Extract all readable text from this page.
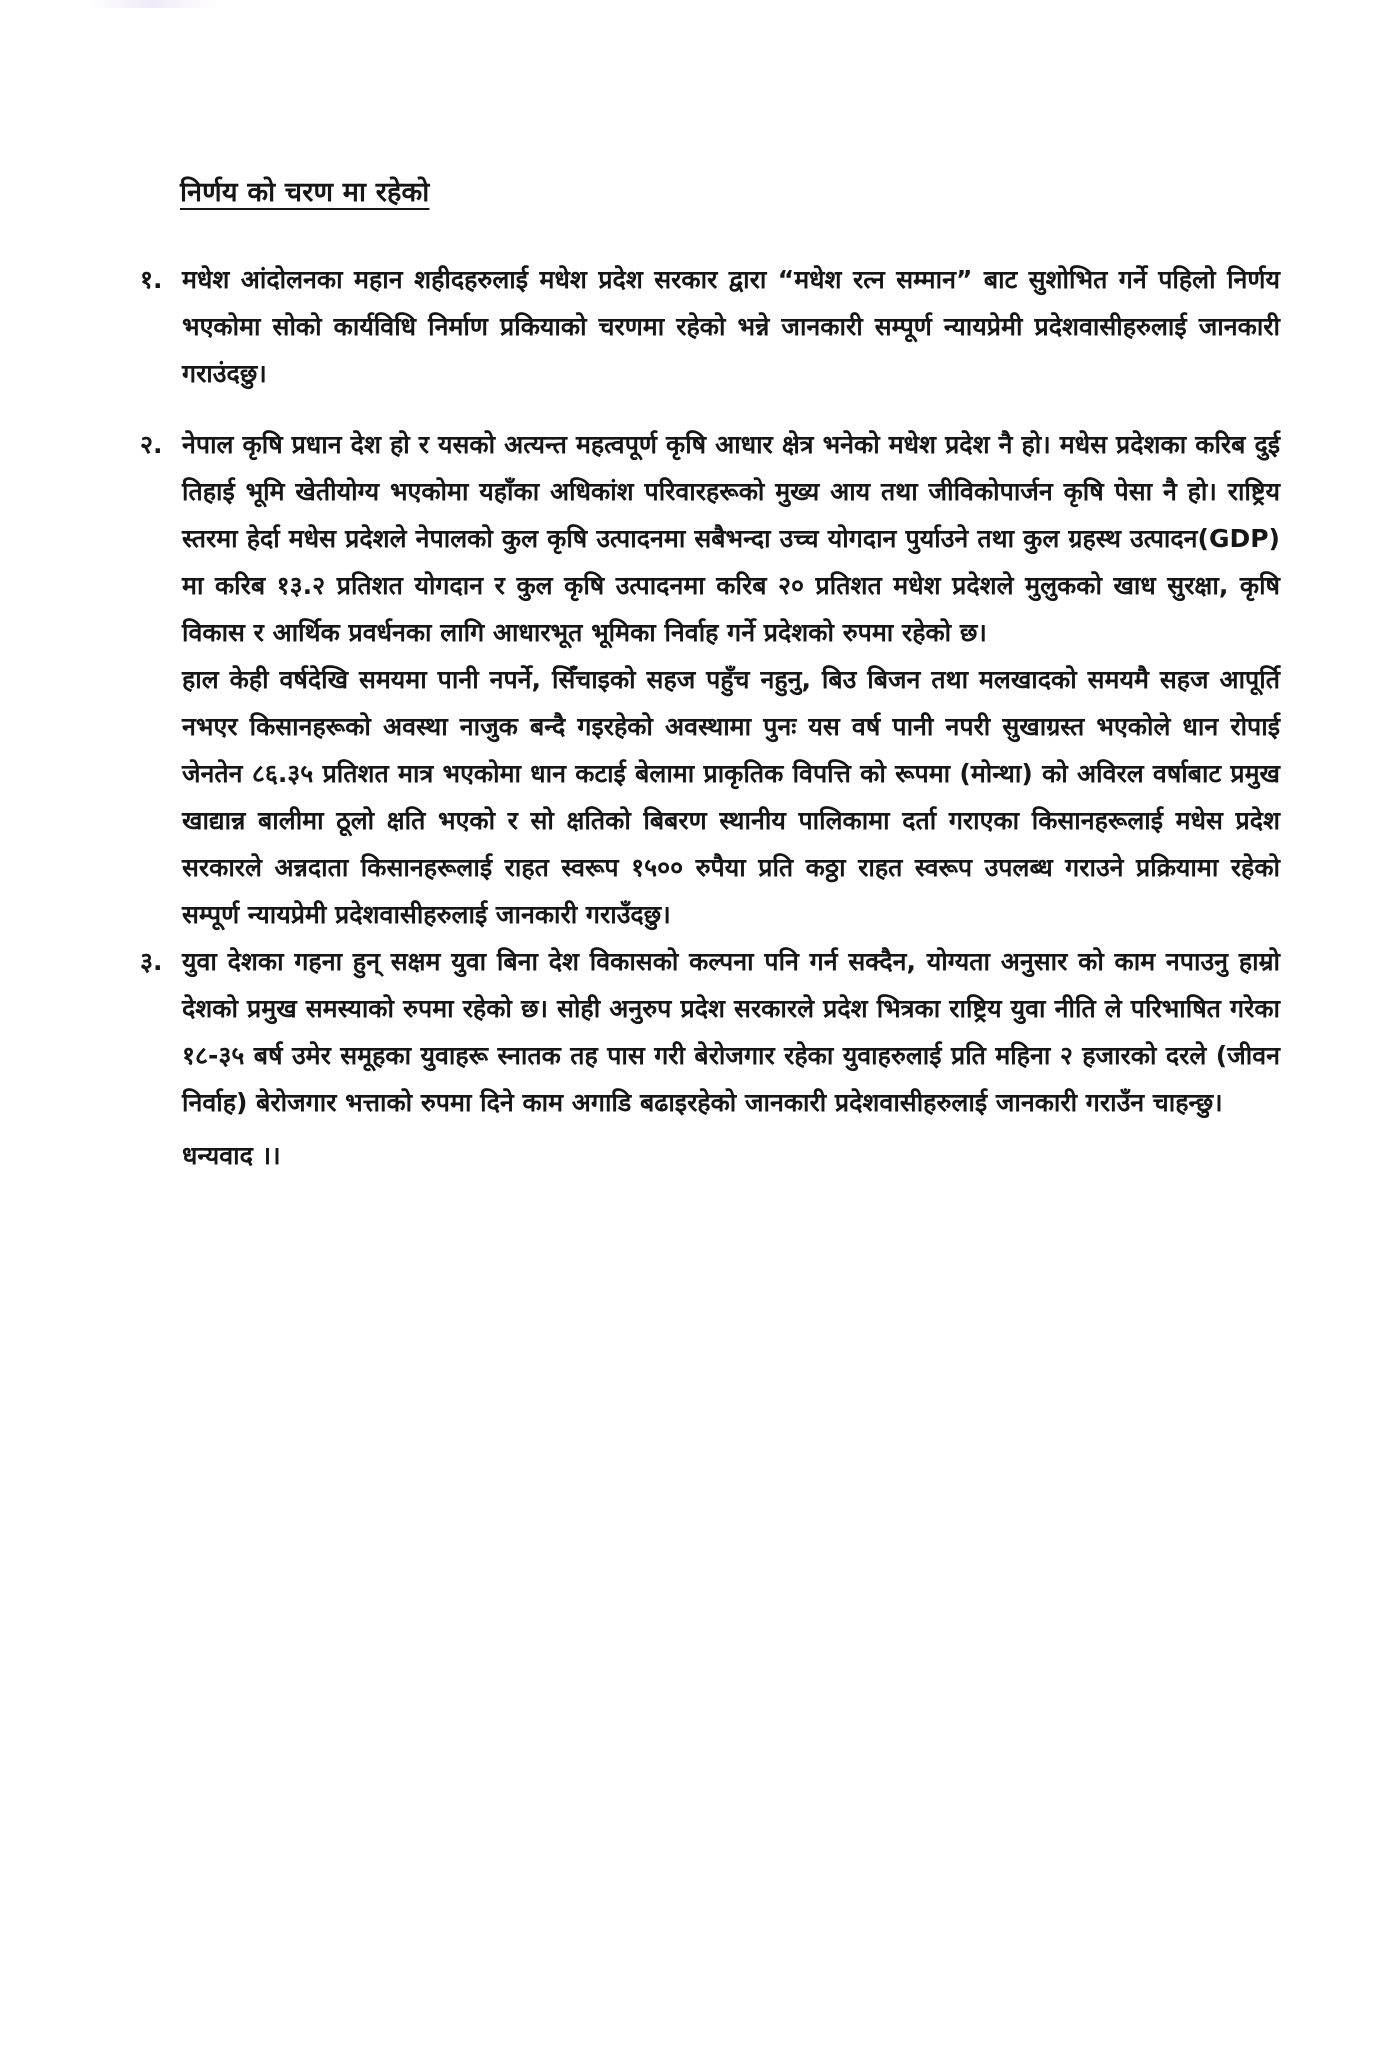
निर्णय को चरण मा रहेको
१. मधेश आंदोलनका महान शहीदहरुलाई मधेश प्रदेश सरकार द्वारा “मधेश रत्न सम्मान” बाट सुशोभित गर्ने पहिलो निर्णय भएकोमा सोको कार्यविधि निर्माण प्रकियाको चरणमा रहेको भन्ने जानकारी सम्पूर्ण न्यायप्रेमी प्रदेशवासीहरुलाई जानकारी गराउंदछु।

२. नेपाल कृषि प्रधान देश हो र यसको अत्यन्त महत्वपूर्ण कृषि आधार क्षेत्र भनेको मधेश प्रदेश नै हो। मधेस प्रदेशका करिब दुई तिहाई भूमि खेतीयोग्य भएकोमा यहाँका अधिकांश परिवारहरूको मुख्य आय तथा जीविकोपार्जन कृषि पेसा नै हो। राष्ट्रिय स्तरमा हेर्दा मधेस प्रदेशले नेपालको कुल कृषि उत्पादनमा सबैभन्दा उच्च योगदान पुर्याउने तथा कुल ग्रहस्थ उत्पादन(GDP) मा करिब १३.२ प्रतिशत योगदान र कुल कृषि उत्पादनमा करिब २० प्रतिशत मधेश प्रदेशले मुलुकको खाध सुरक्षा, कृषि विकास र आर्थिक प्रवर्धनका लागि आधारभूत भूमिका निर्वाह गर्ने प्रदेशको रुपमा रहेको छ।

हाल केही वर्षदेखि समयमा पानी नपर्ने, सिँचाइको सहज पहुँच नहुनु, बिउ बिजन तथा मलखादको समयमै सहज आपूर्ति नभएर किसानहरूको अवस्था नाजुक बन्दै गइरहेको अवस्थामा पुनः यस वर्ष पानी नपरी सुखाग्रस्त भएकोले धान रोपाई जेनतेन ८६.३५ प्रतिशत मात्र भएकोमा धान कटाई बेलामा प्राकृतिक विपत्ति को रूपमा (मोन्था) को अविरल वर्षाबाट प्रमुख खाद्यान्न बालीमा ठूलो क्षति भएको र सो क्षतिको बिबरण स्थानीय पालिकामा दर्ता गराएका किसानहरूलाई मधेस प्रदेश सरकारले अन्नदाता किसानहरूलाई राहत स्वरूप १५०० रुपैया प्रति कठ्ठा राहत स्वरूप उपलब्ध गराउने प्रक्रियामा रहेको सम्पूर्ण न्यायप्रेमी प्रदेशवासीहरुलाई जानकारी गराउँदछु।

३. युवा देशका गहना हुन् सक्षम युवा बिना देश विकासको कल्पना पनि गर्न सक्दैन, योग्यता अनुसार को काम नपाउनु हाम्रो देशको प्रमुख समस्याको रुपमा रहेको छ। सोही अनुरुप प्रदेश सरकारले प्रदेश भित्रका राष्ट्रिय युवा नीति ले परिभाषित गरेका १८-३५ बर्ष उमेर समूहका युवाहरू स्नातक तह पास गरी बेरोजगार रहेका युवाहरुलाई प्रति महिना २ हजारको दरले (जीवन निर्वाह) बेरोजगार भत्ताको रुपमा दिने काम अगाडि बढाइरहेको जानकारी प्रदेशवासीहरुलाई जानकारी गराउँन चाहन्छु।

धन्यवाद ।।
